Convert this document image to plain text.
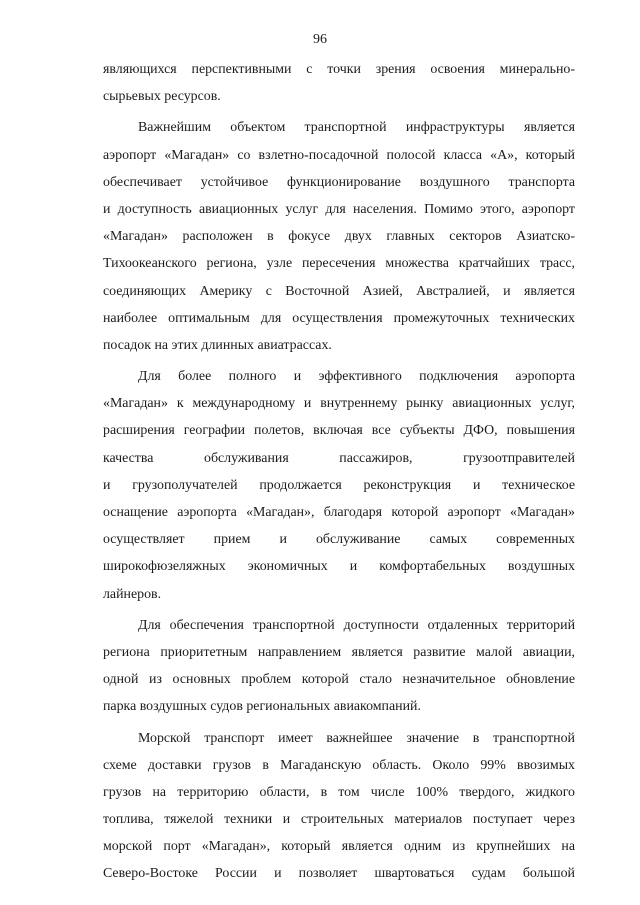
96
являющихся перспективными с точки зрения освоения минерально-
сырьевых ресурсов.
Важнейшим объектом транспортной инфраструктуры является
аэропорт «Магадан» со взлетно-посадочной полосой класса «А», который
обеспечивает устойчивое функционирование воздушного транспорта
и доступность авиационных услуг для населения. Помимо этого, аэропорт
«Магадан» расположен в фокусе двух главных секторов Азиатско-
Тихоокеанского региона, узле пересечения множества кратчайших трасс,
соединяющих Америку с Восточной Азией, Австралией, и является
наиболее оптимальным для осуществления промежуточных технических
посадок на этих длинных авиатрассах.
Для более полного и эффективного подключения аэропорта
«Магадан» к международному и внутреннему рынку авиационных услуг,
расширения географии полетов, включая все субъекты ДФО, повышения
качества обслуживания пассажиров, грузоотправителей
и грузополучателей продолжается реконструкция и техническое
оснащение аэропорта «Магадан», благодаря которой аэропорт «Магадан»
осуществляет прием и обслуживание самых современных
широкофюзеляжных экономичных и комфортабельных воздушных
лайнеров.
Для обеспечения транспортной доступности отдаленных территорий
региона приоритетным направлением является развитие малой авиации,
одной из основных проблем которой стало незначительное обновление
парка воздушных судов региональных авиакомпаний.
Морской транспорт имеет важнейшее значение в транспортной
схеме доставки грузов в Магаданскую область. Около 99% ввозимых
грузов на территорию области, в том числе 100% твердого, жидкого
топлива, тяжелой техники и строительных материалов поступает через
морской порт «Магадан», который является одним из крупнейших на
Северо-Востоке России и позволяет швартоваться судам большой
